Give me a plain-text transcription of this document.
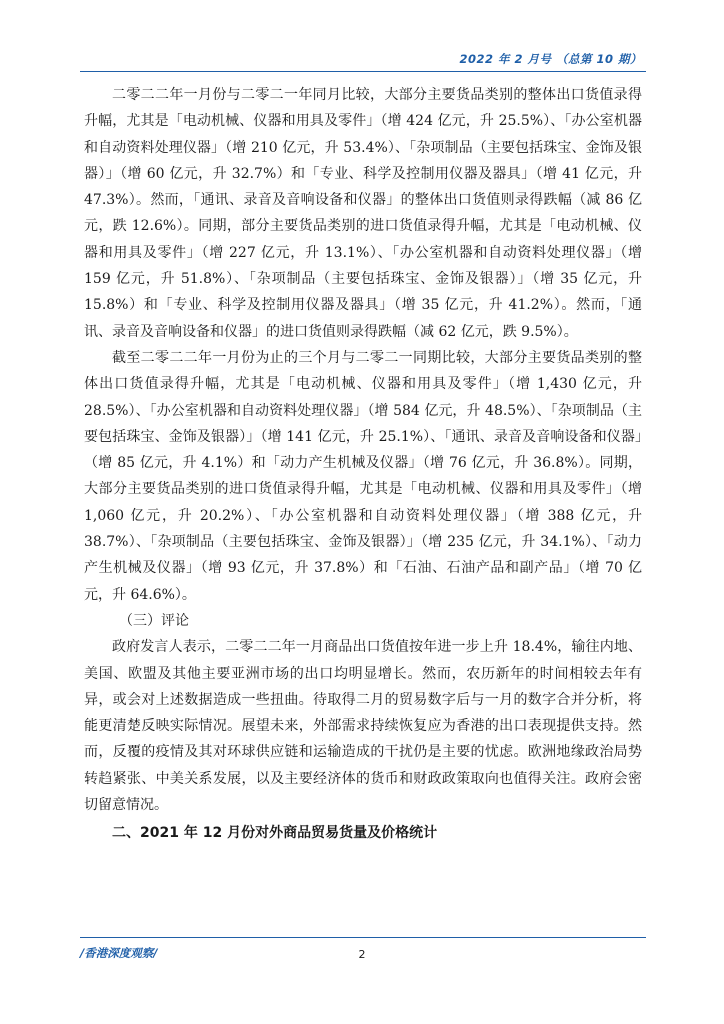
2022 年 2 月号 （总第 10 期）

二零二二年一月份与二零二一年同月比较，大部分主要货品类别的整体出口货值录得升幅，尤其是「电动机械、仪器和用具及零件」（增 424 亿元，升 25.5%）、「办公室机器和自动资料处理仪器」（增 210 亿元，升 53.4%）、「杂项制品（主要包括珠宝、金饰及银器）」（增 60 亿元，升 32.7%）和「专业、科学及控制用仪器及器具」（增 41 亿元，升 47.3%）。然而，「通讯、录音及音响设备和仪器」的整体出口货值则录得跌幅（减 86 亿元，跌 12.6%）。同期，部分主要货品类别的进口货值录得升幅，尤其是「电动机械、仪器和用具及零件」（增 227 亿元，升 13.1%）、「办公室机器和自动资料处理仪器」（增 159 亿元，升 51.8%）、「杂项制品（主要包括珠宝、金饰及银器）」（增 35 亿元，升 15.8%）和「专业、科学及控制用仪器及器具」（增 35 亿元，升 41.2%）。然而，「通讯、录音及音响设备和仪器」的进口货值则录得跌幅（减 62 亿元，跌 9.5%）。

截至二零二二年一月份为止的三个月与二零二一同期比较，大部分主要货品类别的整体出口货值录得升幅，尤其是「电动机械、仪器和用具及零件」（增 1,430 亿元，升 28.5%）、「办公室机器和自动资料处理仪器」（增 584 亿元，升 48.5%）、「杂项制品（主要包括珠宝、金饰及银器）」（增 141 亿元，升 25.1%）、「通讯、录音及音响设备和仪器」（增 85 亿元，升 4.1%）和「动力产生机械及仪器」（增 76 亿元，升 36.8%）。同期，大部分主要货品类别的进口货值录得升幅，尤其是「电动机械、仪器和用具及零件」（增 1,060 亿元，升 20.2%）、「办公室机器和自动资料处理仪器」（增 388 亿元，升 38.7%）、「杂项制品（主要包括珠宝、金饰及银器）」（增 235 亿元，升 34.1%）、「动力产生机械及仪器」（增 93 亿元，升 37.8%）和「石油、石油产品和副产品」（增 70 亿元，升 64.6%）。

（三）评论

政府发言人表示，二零二二年一月商品出口货值按年进一步上升 18.4%，输往内地、美国、欧盟及其他主要亚洲市场的出口均明显增长。然而，农历新年的时间相较去年有异，或会对上述数据造成一些扭曲。待取得二月的贸易数字后与一月的数字合并分析，将能更清楚反映实际情况。展望未来，外部需求持续恢复应为香港的出口表现提供支持。然而，反覆的疫情及其对环球供应链和运输造成的干扰仍是主要的忧虑。欧洲地缘政治局势转趋紧张、中美关系发展，以及主要经济体的货币和财政政策取向也值得关注。政府会密切留意情况。

二、2021 年 12 月份对外商品贸易货量及价格统计
/香港深度观察/	2
